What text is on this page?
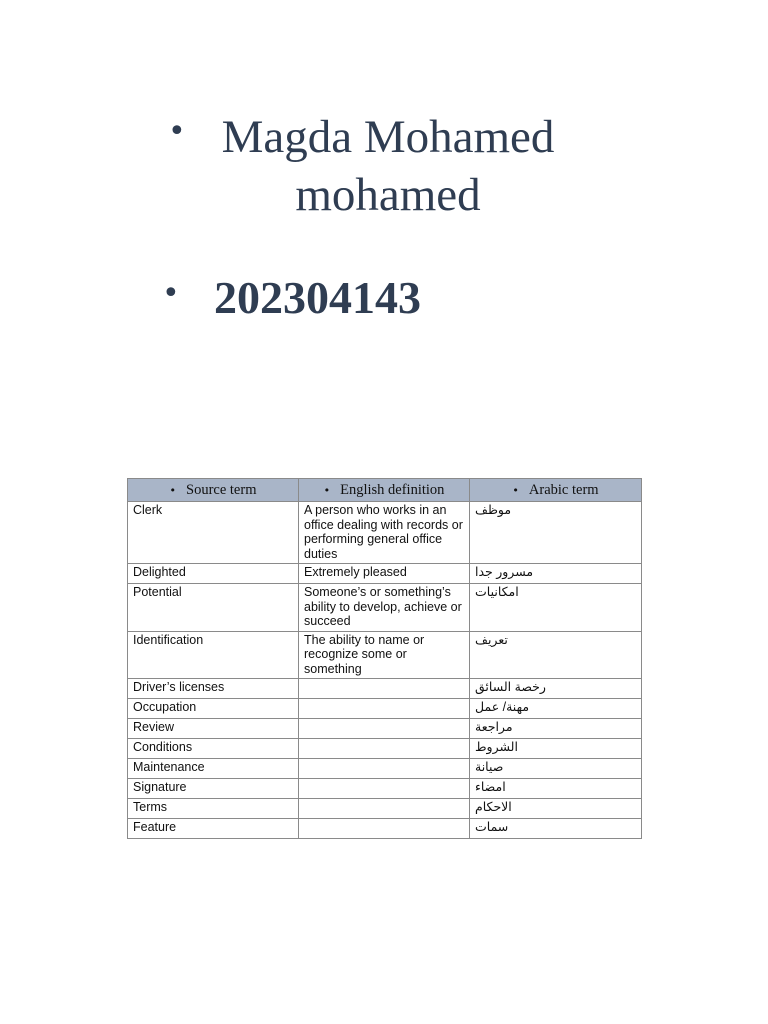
• Magda Mohamed
mohamed
• 202304143
• Source term	• English definition	• Arabic term
Clerk	A person who works in an office dealing with records or performing general office duties	موظف
Delighted	Extremely pleased	مسرور جدا
Potential	Someone’s or something’s ability to develop, achieve or succeed	امكانيات
Identification	The ability to name or recognize some or something	تعريف
Driver’s licenses		رخصة السائق
Occupation		مهنة/ عمل
Review		مراجعة
Conditions		الشروط
Maintenance		صيانة
Signature		امضاء
Terms		الاحكام
Feature		سمات
